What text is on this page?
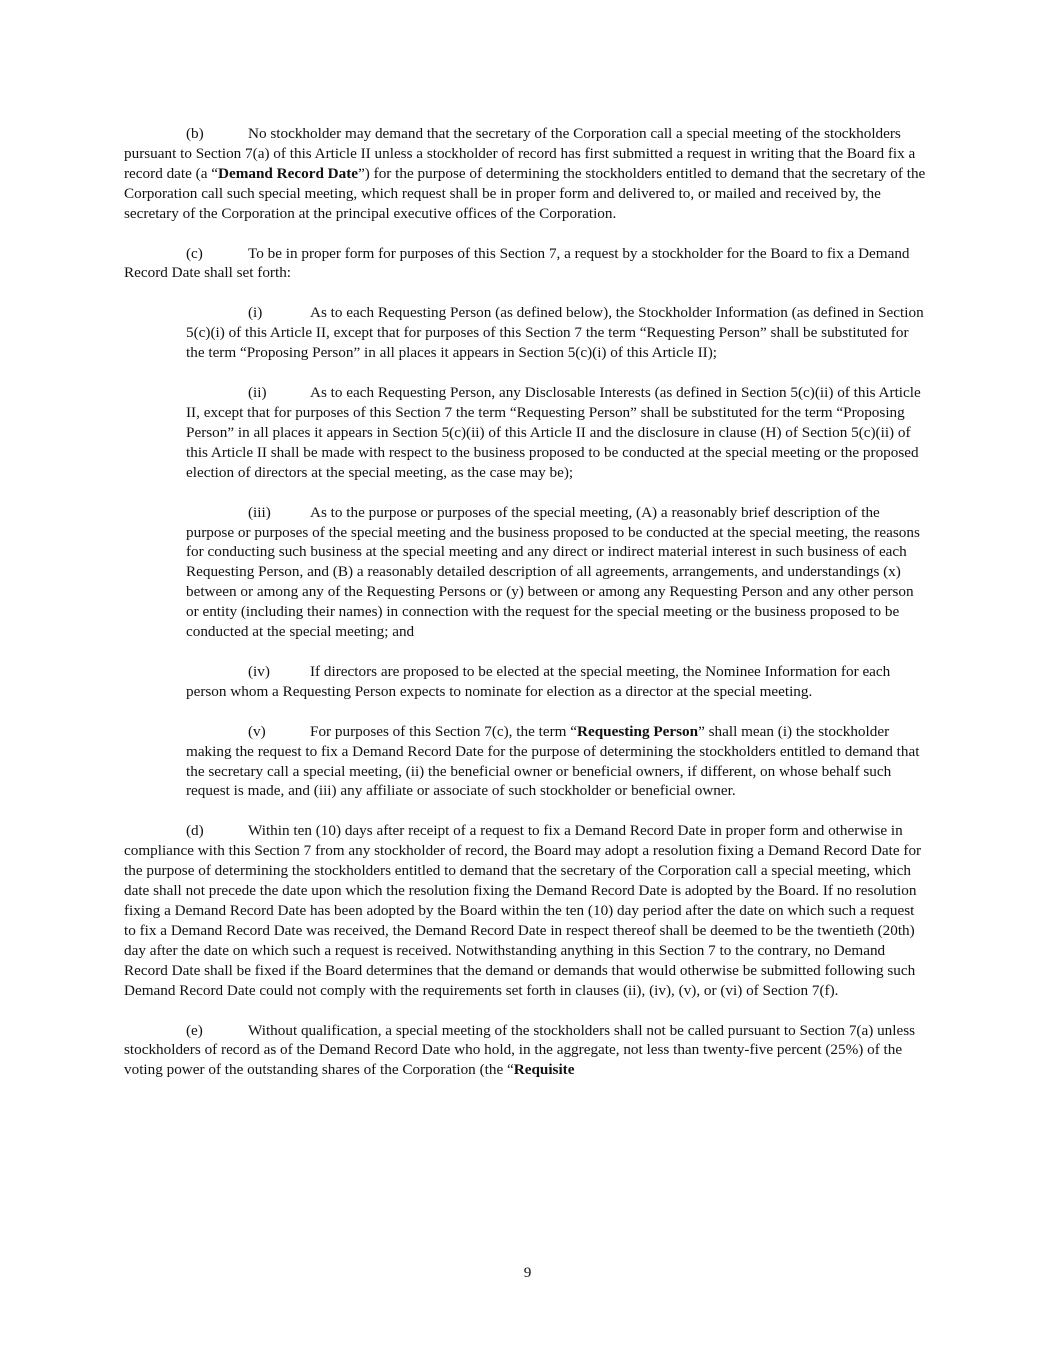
(b)	No stockholder may demand that the secretary of the Corporation call a special meeting of the stockholders pursuant to Section 7(a) of this Article II unless a stockholder of record has first submitted a request in writing that the Board fix a record date (a “Demand Record Date”) for the purpose of determining the stockholders entitled to demand that the secretary of the Corporation call such special meeting, which request shall be in proper form and delivered to, or mailed and received by, the secretary of the Corporation at the principal executive offices of the Corporation.

(c)	To be in proper form for purposes of this Section 7, a request by a stockholder for the Board to fix a Demand Record Date shall set forth:

(i)	As to each Requesting Person (as defined below), the Stockholder Information (as defined in Section 5(c)(i) of this Article II, except that for purposes of this Section 7 the term “Requesting Person” shall be substituted for the term “Proposing Person” in all places it appears in Section 5(c)(i) of this Article II);

(ii)	As to each Requesting Person, any Disclosable Interests (as defined in Section 5(c)(ii) of this Article II, except that for purposes of this Section 7 the term “Requesting Person” shall be substituted for the term “Proposing Person” in all places it appears in Section 5(c)(ii) of this Article II and the disclosure in clause (H) of Section 5(c)(ii) of this Article II shall be made with respect to the business proposed to be conducted at the special meeting or the proposed election of directors at the special meeting, as the case may be);

(iii)	As to the purpose or purposes of the special meeting, (A) a reasonably brief description of the purpose or purposes of the special meeting and the business proposed to be conducted at the special meeting, the reasons for conducting such business at the special meeting and any direct or indirect material interest in such business of each Requesting Person, and (B) a reasonably detailed description of all agreements, arrangements, and understandings (x) between or among any of the Requesting Persons or (y) between or among any Requesting Person and any other person or entity (including their names) in connection with the request for the special meeting or the business proposed to be conducted at the special meeting; and

(iv)	If directors are proposed to be elected at the special meeting, the Nominee Information for each person whom a Requesting Person expects to nominate for election as a director at the special meeting.

(v)	For purposes of this Section 7(c), the term “Requesting Person” shall mean (i) the stockholder making the request to fix a Demand Record Date for the purpose of determining the stockholders entitled to demand that the secretary call a special meeting, (ii) the beneficial owner or beneficial owners, if different, on whose behalf such request is made, and (iii) any affiliate or associate of such stockholder or beneficial owner.

(d)	Within ten (10) days after receipt of a request to fix a Demand Record Date in proper form and otherwise in compliance with this Section 7 from any stockholder of record, the Board may adopt a resolution fixing a Demand Record Date for the purpose of determining the stockholders entitled to demand that the secretary of the Corporation call a special meeting, which date shall not precede the date upon which the resolution fixing the Demand Record Date is adopted by the Board. If no resolution fixing a Demand Record Date has been adopted by the Board within the ten (10) day period after the date on which such a request to fix a Demand Record Date was received, the Demand Record Date in respect thereof shall be deemed to be the twentieth (20th) day after the date on which such a request is received. Notwithstanding anything in this Section 7 to the contrary, no Demand Record Date shall be fixed if the Board determines that the demand or demands that would otherwise be submitted following such Demand Record Date could not comply with the requirements set forth in clauses (ii), (iv), (v), or (vi) of Section 7(f).

(e)	Without qualification, a special meeting of the stockholders shall not be called pursuant to Section 7(a) unless stockholders of record as of the Demand Record Date who hold, in the aggregate, not less than twenty-five percent (25%) of the voting power of the outstanding shares of the Corporation (the “Requisite

9
